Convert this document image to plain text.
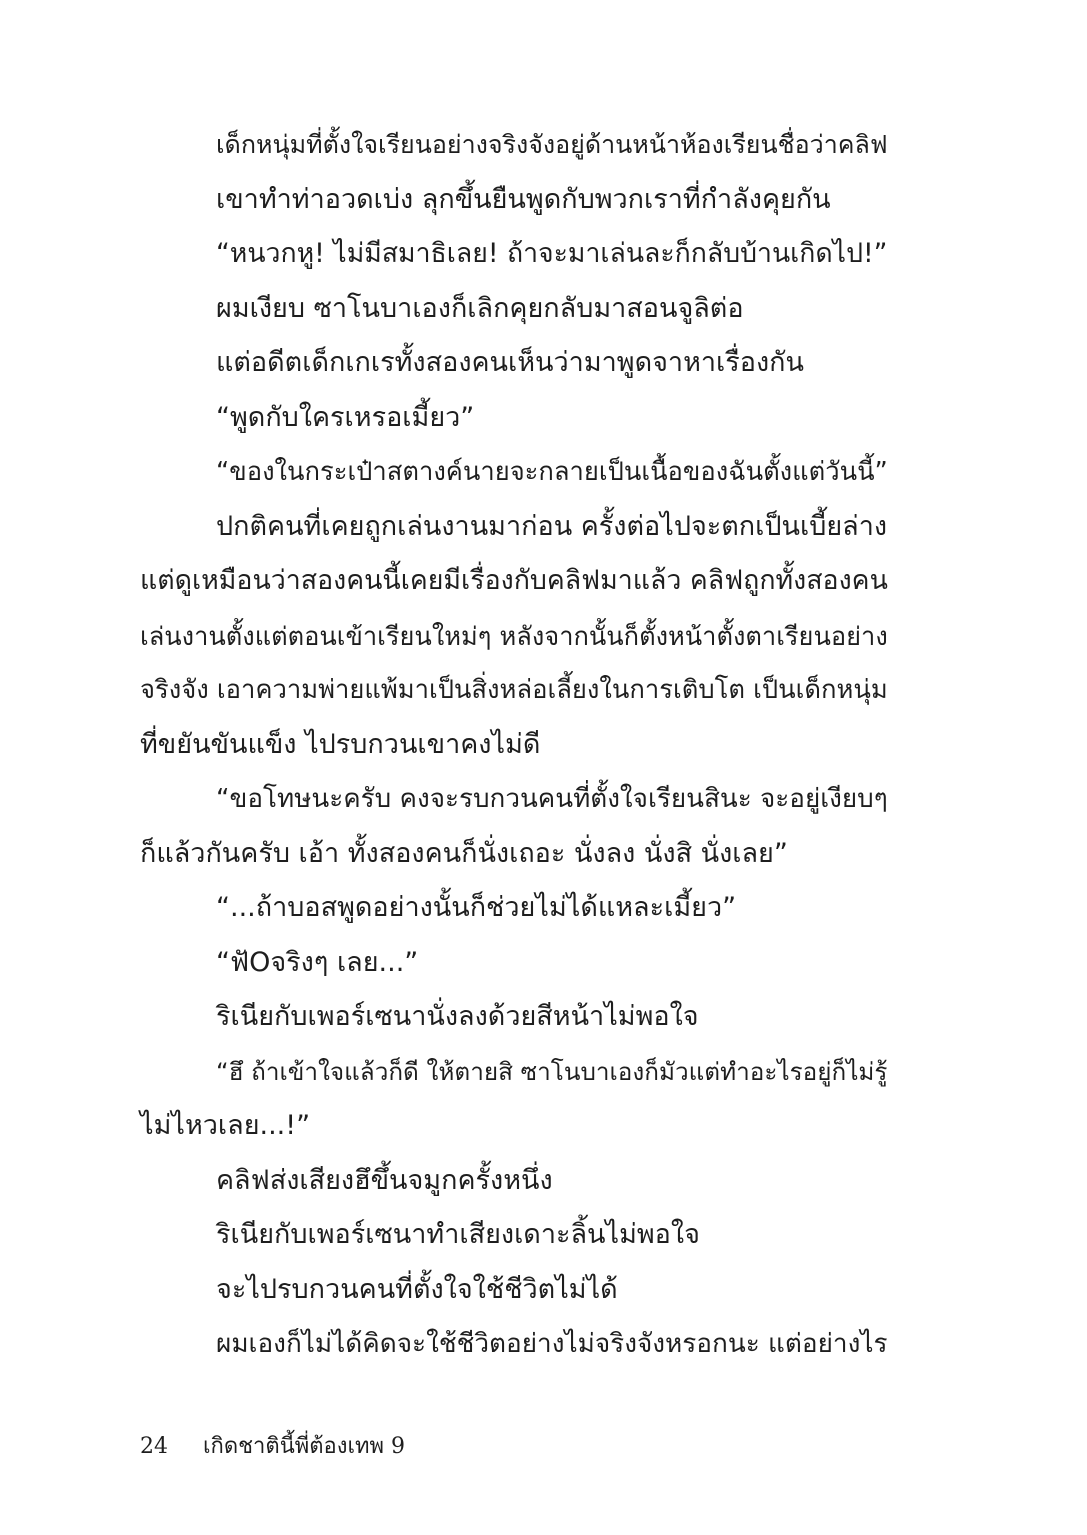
เด็กหนุ่มที่ตั้งใจเรียนอย่างจริงจังอยู่ด้านหน้าห้องเรียนชื่อว่าคลิฟ
เขาทำท่าอวดเบ่ง ลุกขึ้นยืนพูดกับพวกเราที่กำลังคุยกัน
“หนวกหู! ไม่มีสมาธิเลย! ถ้าจะมาเล่นละก็กลับบ้านเกิดไป!”
ผมเงียบ ซาโนบาเองก็เลิกคุยกลับมาสอนจูลิต่อ
แต่อดีตเด็กเกเรทั้งสองคนเห็นว่ามาพูดจาหาเรื่องกัน
“พูดกับใครเหรอเมี้ยว”
“ของในกระเป๋าสตางค์นายจะกลายเป็นเนื้อของฉันตั้งแต่วันนี้”
ปกติคนที่เคยถูกเล่นงานมาก่อน ครั้งต่อไปจะตกเป็นเบี้ยล่าง
แต่ดูเหมือนว่าสองคนนี้เคยมีเรื่องกับคลิฟมาแล้ว คลิฟถูกทั้งสองคน
เล่นงานตั้งแต่ตอนเข้าเรียนใหม่ๆ หลังจากนั้นก็ตั้งหน้าตั้งตาเรียนอย่าง
จริงจัง เอาความพ่ายแพ้มาเป็นสิ่งหล่อเลี้ยงในการเติบโต เป็นเด็กหนุ่ม
ที่ขยันขันแข็ง ไปรบกวนเขาคงไม่ดี
“ขอโทษนะครับ คงจะรบกวนคนที่ตั้งใจเรียนสินะ จะอยู่เงียบๆ
ก็แล้วกันครับ เอ้า ทั้งสองคนก็นั่งเถอะ นั่งลง นั่งสิ นั่งเลย”
“...ถ้าบอสพูดอย่างนั้นก็ช่วยไม่ได้แหละเมี้ยว”
“ฟัOจริงๆ เลย...”
ริเนียกับเพอร์เซนานั่งลงด้วยสีหน้าไม่พอใจ
“ฮึ ถ้าเข้าใจแล้วก็ดี ให้ตายสิ ซาโนบาเองก็มัวแต่ทำอะไรอยู่ก็ไม่รู้
ไม่ไหวเลย...!”
คลิฟส่งเสียงฮึขึ้นจมูกครั้งหนึ่ง
ริเนียกับเพอร์เซนาทำเสียงเดาะลิ้นไม่พอใจ
จะไปรบกวนคนที่ตั้งใจใช้ชีวิตไม่ได้
ผมเองก็ไม่ได้คิดจะใช้ชีวิตอย่างไม่จริงจังหรอกนะ แต่อย่างไร
24 เกิดชาตินี้พี่ต้องเทพ 9
